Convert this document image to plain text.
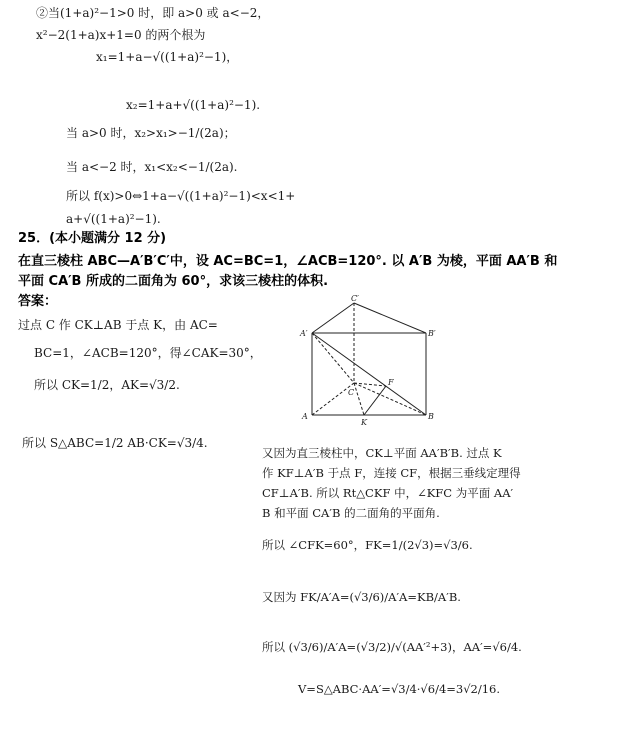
②当(1+a)²−1>0 时，即 a>0 或 a<−2，
x²−2(1+a)x+1=0 的两个根为
x₁=1+a−√((1+a)²−1)，
x₂=1+a+√((1+a)²−1).
当 a>0 时，x₂>x₁>−1/(2a)；
当 a<−2 时，x₁<x₂<−1/(2a).
所以 f(x)>0⇔1+a−√((1+a)²−1)<x<1+
a+√((1+a)²−1).
25．(本小题满分 12 分)
在直三棱柱 ABC—A′B′C′中，设 AC=BC=1，∠ACB=120°. 以 A′B 为棱，平面 AA′B 和
平面 CA′B 所成的二面角为 60°，求该三棱柱的体积.
答案：
过点 C 作 CK⊥AB 于点 K，由 AC=
BC=1，∠ACB=120°，得∠CAK=30°，
所以 CK=1/2，AK=√3/2.
所以 S△ABC=1/2 AB·CK=√3/4.
又因为直三棱柱中，CK⊥平面 AA′B′B. 过点 K
作 KF⊥A′B 于点 F，连接 CF，根据三垂线定理得
CF⊥A′B. 所以 Rt△CKF 中，∠KFC 为平面 AA′
B 和平面 CA′B 的二面角的平面角.
所以 ∠CFK=60°，FK=1/(2√3)=√3/6.
又因为 FK/A′A=(√3/6)/A′A=KB/A′B.
所以 (√3/6)/A′A=(√3/2)/√(AA′²+3)，AA′=√6/4.
V=S△ABC·AA′=√3/4·√6/4=3√2/16.
C′
A′	B′
C
F
A
K
B
